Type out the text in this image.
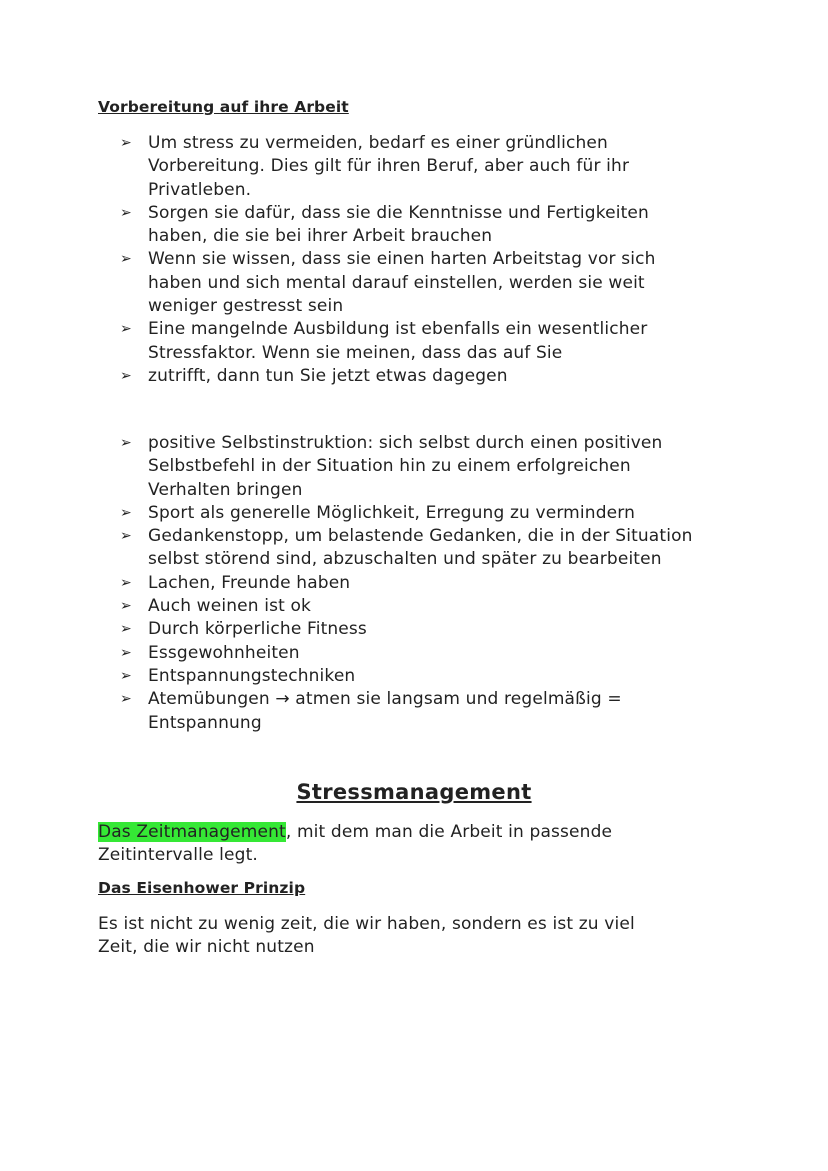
Vorbereitung auf ihre Arbeit
➢ Um stress zu vermeiden, bedarf es einer gründlichen
Vorbereitung. Dies gilt für ihren Beruf, aber auch für ihr
Privatleben.
➢ Sorgen sie dafür, dass sie die Kenntnisse und Fertigkeiten
haben, die sie bei ihrer Arbeit brauchen
➢ Wenn sie wissen, dass sie einen harten Arbeitstag vor sich
haben und sich mental darauf einstellen, werden sie weit
weniger gestresst sein
➢ Eine mangelnde Ausbildung ist ebenfalls ein wesentlicher
Stressfaktor. Wenn sie meinen, dass das auf Sie
➢ zutrifft, dann tun Sie jetzt etwas dagegen
➢ positive Selbstinstruktion: sich selbst durch einen positiven
Selbstbefehl in der Situation hin zu einem erfolgreichen
Verhalten bringen
➢ Sport als generelle Möglichkeit, Erregung zu vermindern
➢ Gedankenstopp, um belastende Gedanken, die in der Situation
selbst störend sind, abzuschalten und später zu bearbeiten
➢ Lachen, Freunde haben
➢ Auch weinen ist ok
➢ Durch körperliche Fitness
➢ Essgewohnheiten
➢ Entspannungstechniken
➢ Atemübungen → atmen sie langsam und regelmäßig =
Entspannung
Stressmanagement
Das Zeitmanagement, mit dem man die Arbeit in passende
Zeitintervalle legt.
Das Eisenhower Prinzip
Es ist nicht zu wenig zeit, die wir haben, sondern es ist zu viel
Zeit, die wir nicht nutzen
